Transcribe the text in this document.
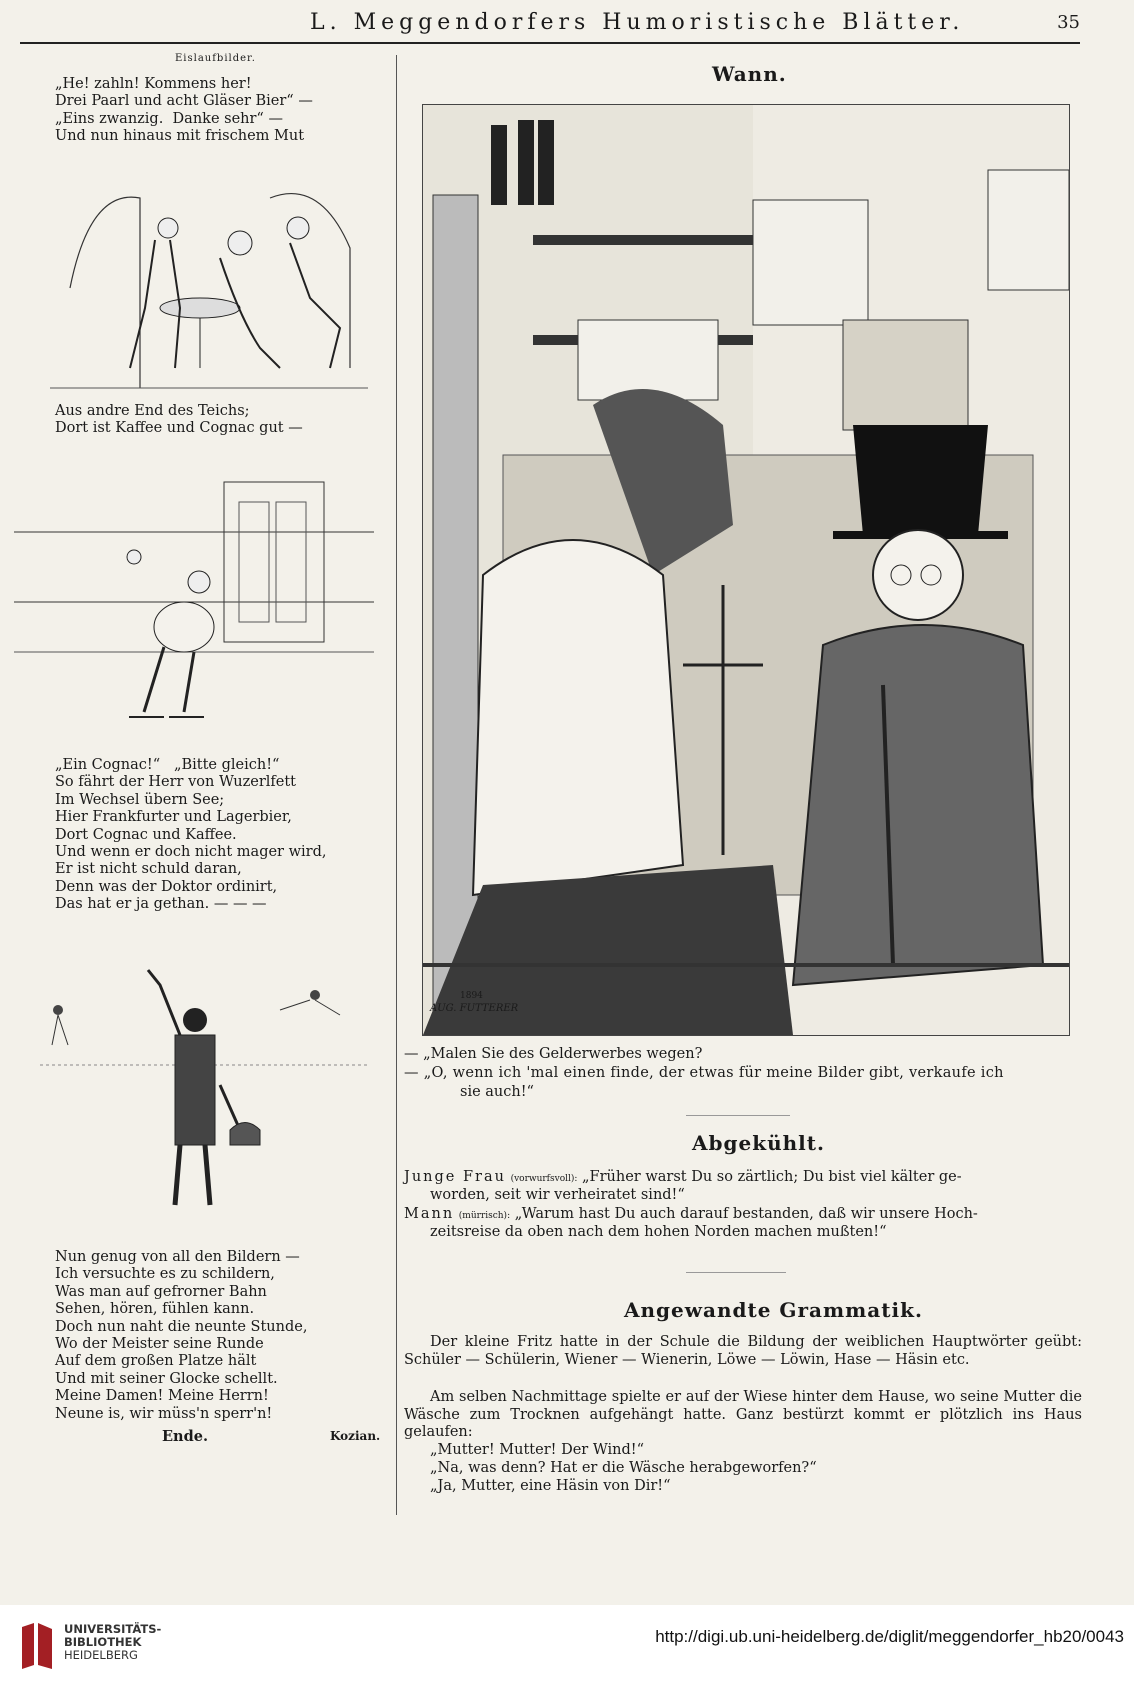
L. Meggendorfers Humoristische Blätter.	35
Eislaufbilder.
„He! zahln! Kommens her!
Drei Paarl und acht Gläser Bier“ —
„Eins zwanzig.  Danke sehr“ —
Und nun hinaus mit frischem Mut
Aus andre End des Teichs;
Dort ist Kaffee und Cognac gut —
„Ein Cognac!“   „Bitte gleich!“
So fährt der Herr von Wuzerlfett
Im Wechsel übern See;
Hier Frankfurter und Lagerbier,
Dort Cognac und Kaffee.
Und wenn er doch nicht mager wird,
Er ist nicht schuld daran,
Denn was der Doktor ordinirt,
Das hat er ja gethan. — — —
Nun genug von all den Bildern —
Ich versuchte es zu schildern,
Was man auf gefrorner Bahn
Sehen, hören, fühlen kann.
Doch nun naht die neunte Stunde,
Wo der Meister seine Runde
Auf dem großen Platze hält
Und mit seiner Glocke schellt.
Meine Damen! Meine Herrn!
Neune is, wir müss'n sperr'n!
Ende.	Kozian.
Wann.
AUG. FUTTERER
1894
— „Malen Sie des Gelderwerbes wegen?
— „O, wenn ich 'mal einen finde, der etwas für meine Bilder gibt, verkaufe ich
sie auch!“
Abgekühlt.
Junge Frau (vorwurfsvoll): „Früher warst Du so zärtlich; Du bist viel kälter ge-
worden, seit wir verheiratet sind!“
Mann (mürrisch): „Warum hast Du auch darauf bestanden, daß wir unsere Hoch-
zeitsreise da oben nach dem hohen Norden machen mußten!“
Angewandte Grammatik.
Der kleine Fritz hatte in der Schule die Bildung der weiblichen Hauptwörter geübt: Schüler — Schülerin, Wiener — Wienerin, Löwe — Löwin, Hase — Häsin etc.
Am selben Nachmittage spielte er auf der Wiese hinter dem Hause, wo seine Mutter die Wäsche zum Trocknen aufgehängt hatte. Ganz bestürzt kommt er plötzlich ins Haus gelaufen:
„Mutter! Mutter! Der Wind!“
„Na, was denn? Hat er die Wäsche herabgeworfen?“
„Ja, Mutter, eine Häsin von Dir!“
UNIVERSITÄTS-
BIBLIOTHEK
HEIDELBERG
http://digi.ub.uni-heidelberg.de/diglit/meggendorfer_hb20/0043
